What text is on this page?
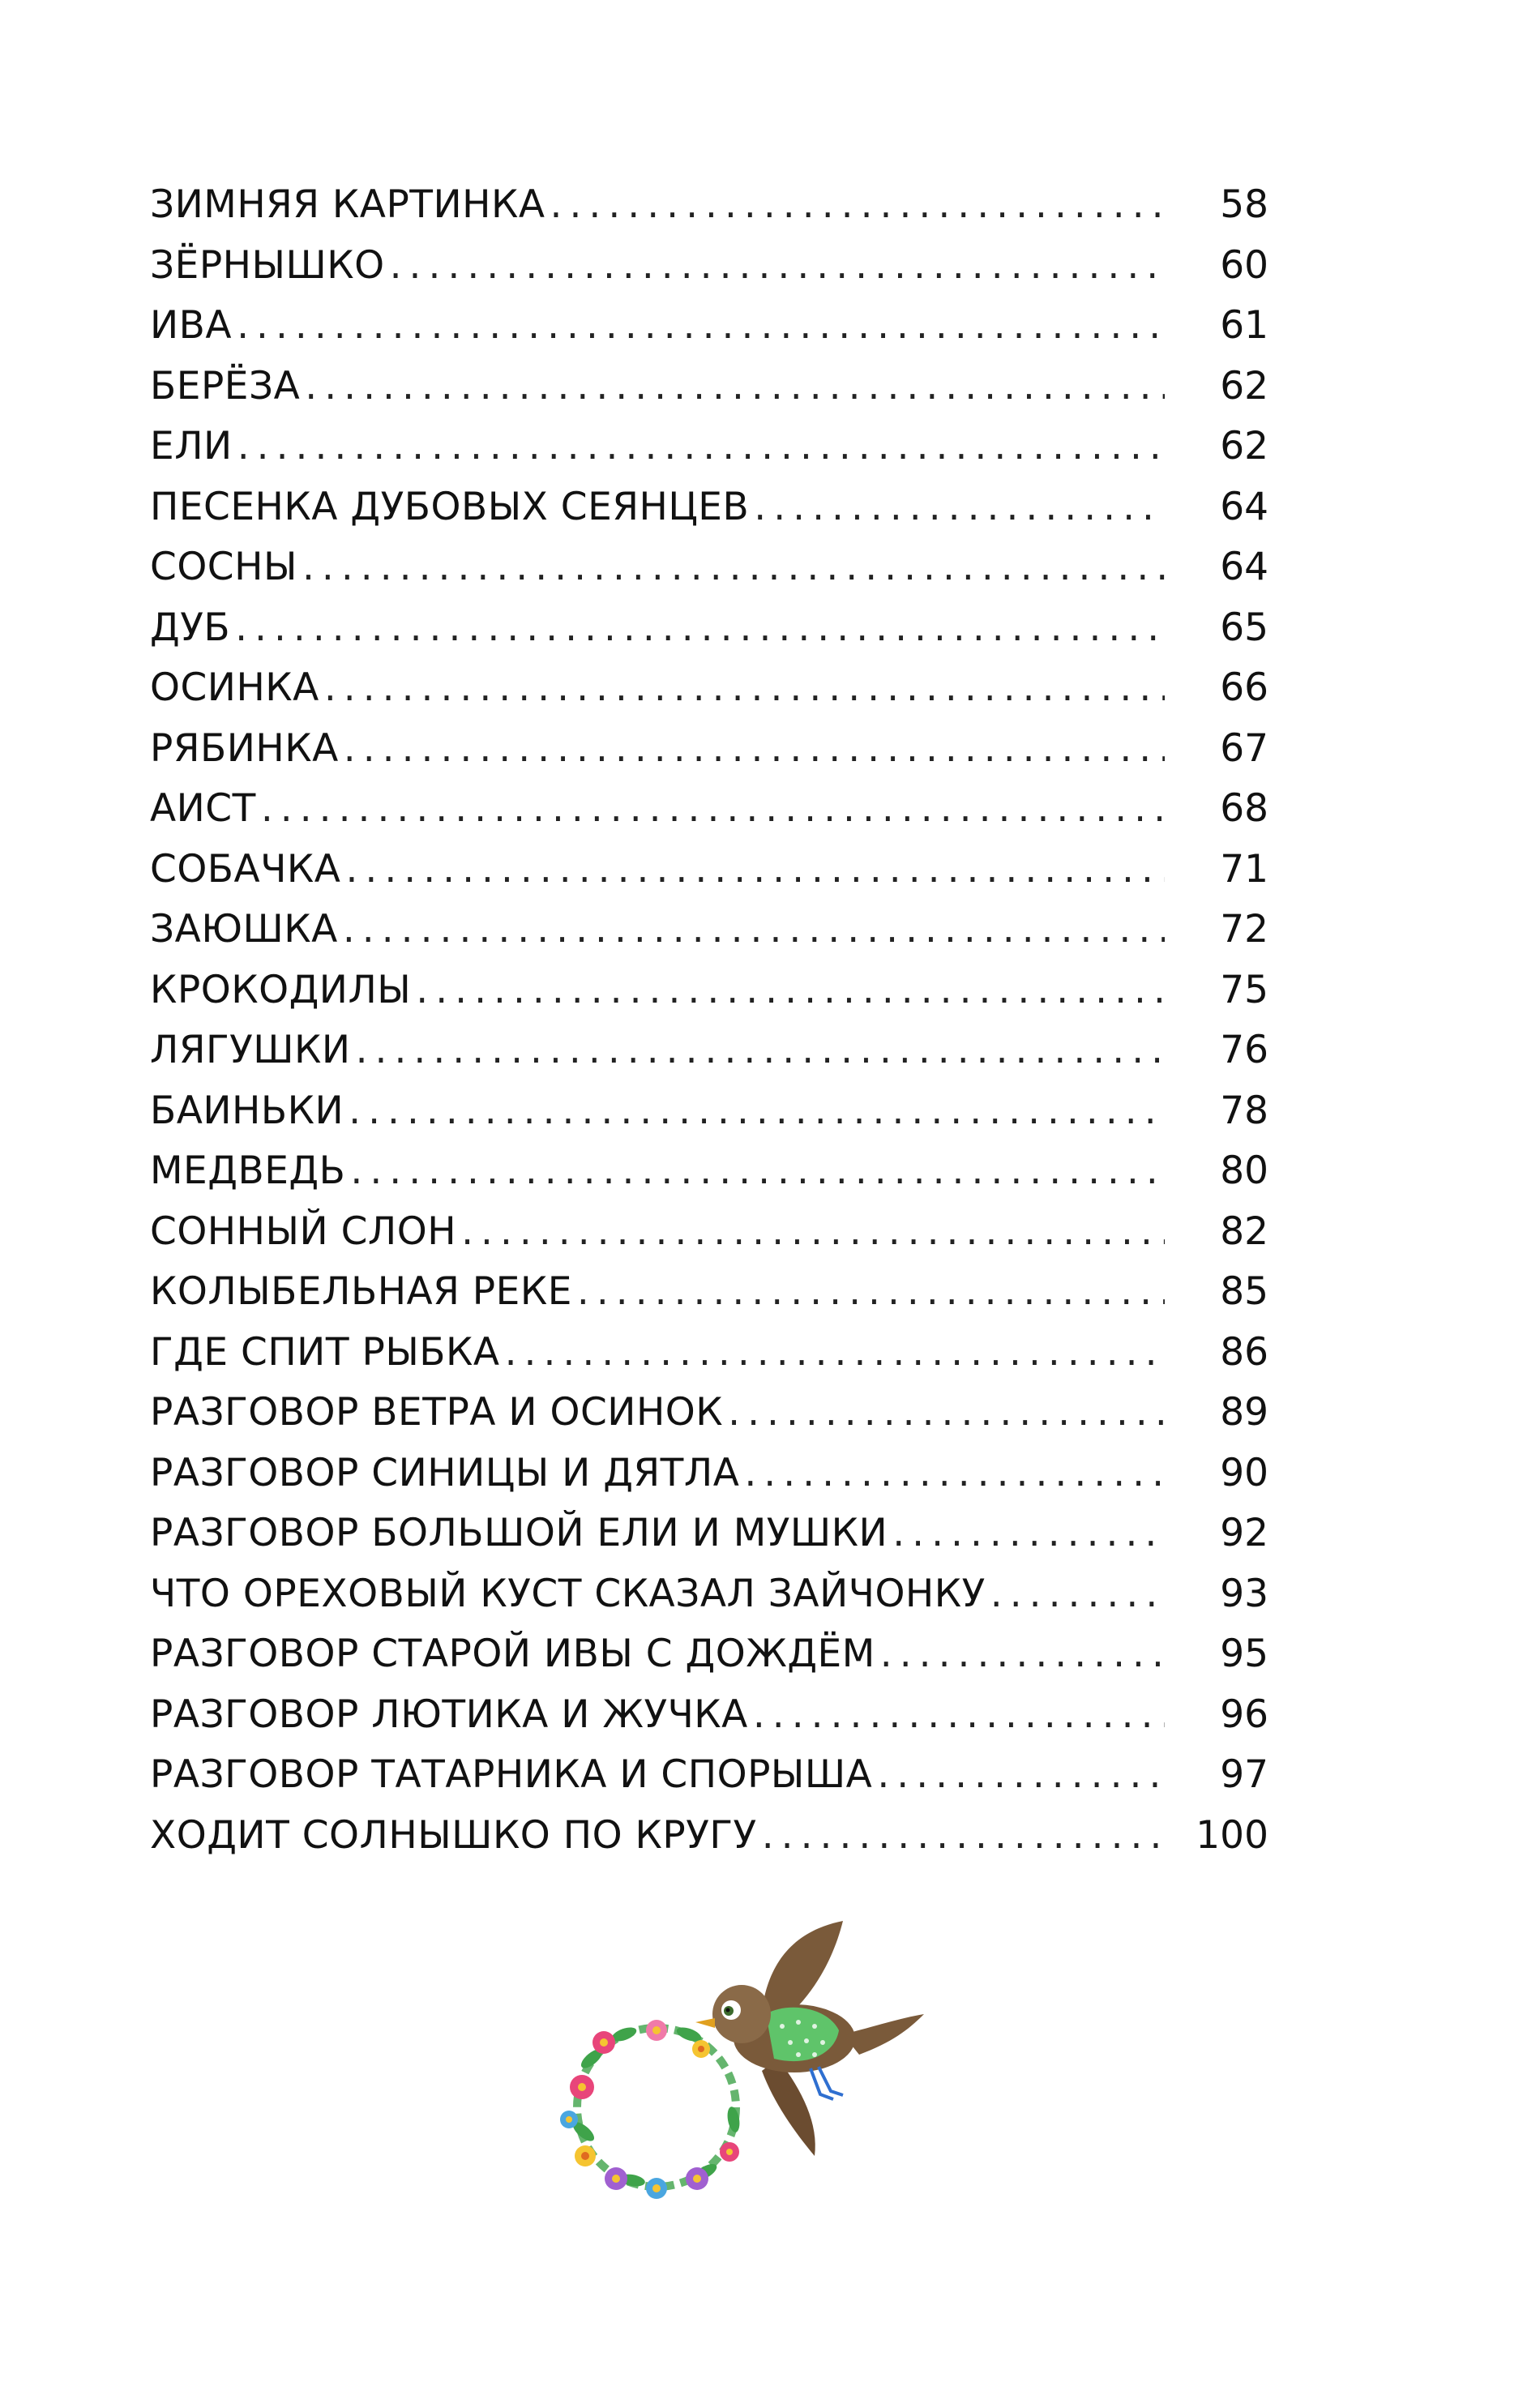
ЗИМНЯЯ КАРТИНКА .....	58
ЗЁРНЫШКО .....	60
ИВА .....	61
БЕРЁЗА .....	62
ЕЛИ .....	62
ПЕСЕНКА ДУБОВЫХ СЕЯНЦЕВ .....	64
СОСНЫ .....	64
ДУБ .....	65
ОСИНКА .....	66
РЯБИНКА .....	67
АИСТ .....	68
СОБАЧКА .....	71
ЗАЮШКА .....	72
КРОКОДИЛЫ .....	75
ЛЯГУШКИ .....	76
БАИНЬКИ .....	78
МЕДВЕДЬ .....	80
СОННЫЙ СЛОН .....	82
КОЛЫБЕЛЬНАЯ РЕКЕ .....	85
ГДЕ СПИТ РЫБКА .....	86
РАЗГОВОР ВЕТРА И ОСИНОК .....	89
РАЗГОВОР СИНИЦЫ И ДЯТЛА .....	90
РАЗГОВОР БОЛЬШОЙ ЕЛИ И МУШКИ .....	92
ЧТО ОРЕХОВЫЙ КУСТ СКАЗАЛ ЗАЙЧОНКУ .....	93
РАЗГОВОР СТАРОЙ ИВЫ С ДОЖДЁМ .....	95
РАЗГОВОР ЛЮТИКА И ЖУЧКА .....	96
РАЗГОВОР ТАТАРНИКА И СПОРЫША .....	97
ХОДИТ СОЛНЫШКО ПО КРУГУ .....	100
